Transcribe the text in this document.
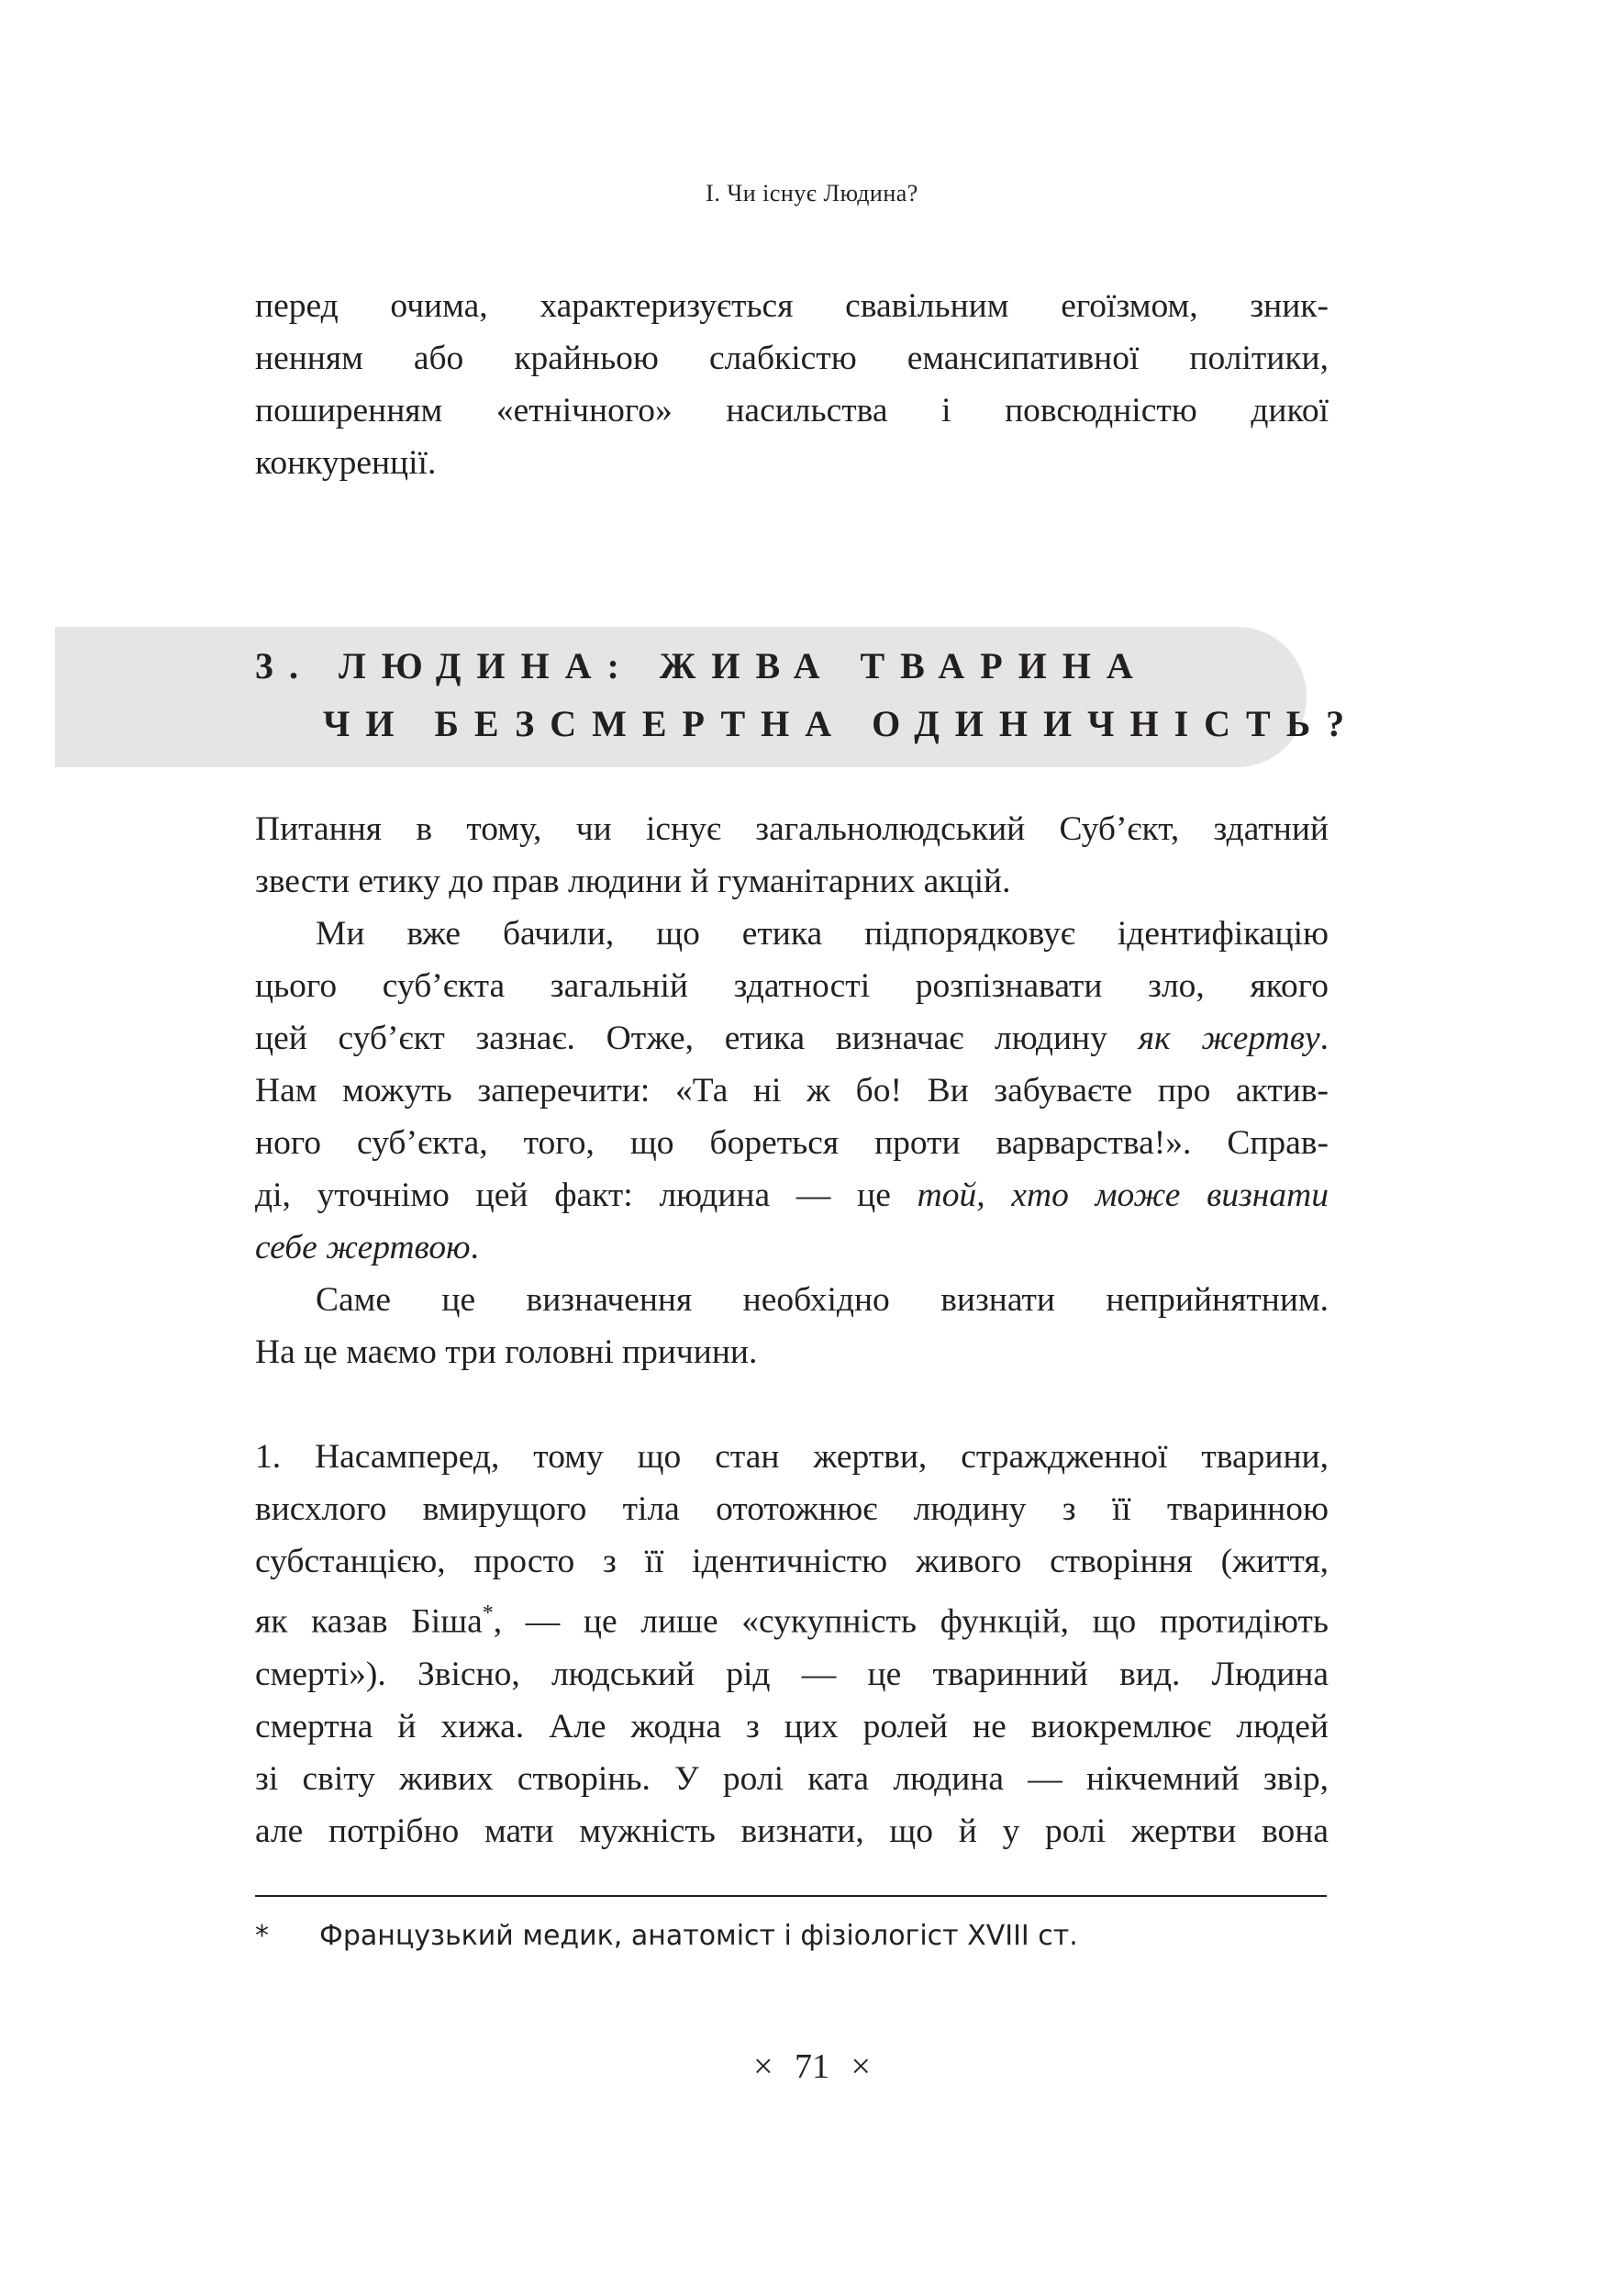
I. Чи існує Людина?
перед очима, характеризується свавільним егоїзмом, зник-
ненням або крайньою слабкістю емансипативної політики,
поширенням «етнічного» насильства і повсюдністю дикої
конкуренції.
3. ЛЮДИНА: ЖИВА ТВАРИНА
ЧИ БЕЗСМЕРТНА ОДИНИЧНІСТЬ?
Питання в тому, чи існує загальнолюдський Суб’єкт, здатний
звести етику до прав людини й гуманітарних акцій.
Ми вже бачили, що етика підпорядковує ідентифікацію
цього суб’єкта загальній здатності розпізнавати зло, якого
цей суб’єкт зазнає. Отже, етика визначає людину як жертву.
Нам можуть заперечити: «Та ні ж бо! Ви забуваєте про актив-
ного суб’єкта, того, що бореться проти варварства!». Справ-
ді, уточнімо цей факт: людина — це той, хто може визнати
себе жертвою.
Саме це визначення необхідно визнати неприйнятним.
На це маємо три головні причини.
1. Насамперед, тому що стан жертви, страждженної тварини,
висхлого вмирущого тіла ототожнює людину з її тваринною
субстанцією, просто з її ідентичністю живого створіння (життя,
як казав Біша*, — це лише «сукупність функцій, що протидіють
смерті»). Звісно, людський рід — це тваринний вид. Людина
смертна й хижа. Але жодна з цих ролей не виокремлює людей
зі світу живих створінь. У ролі ката людина — нікчемний звір,
але потрібно мати мужність визнати, що й у ролі жертви вона
* Французький медик, анатоміст і фізіологіст XVIII ст.
× 71 ×
